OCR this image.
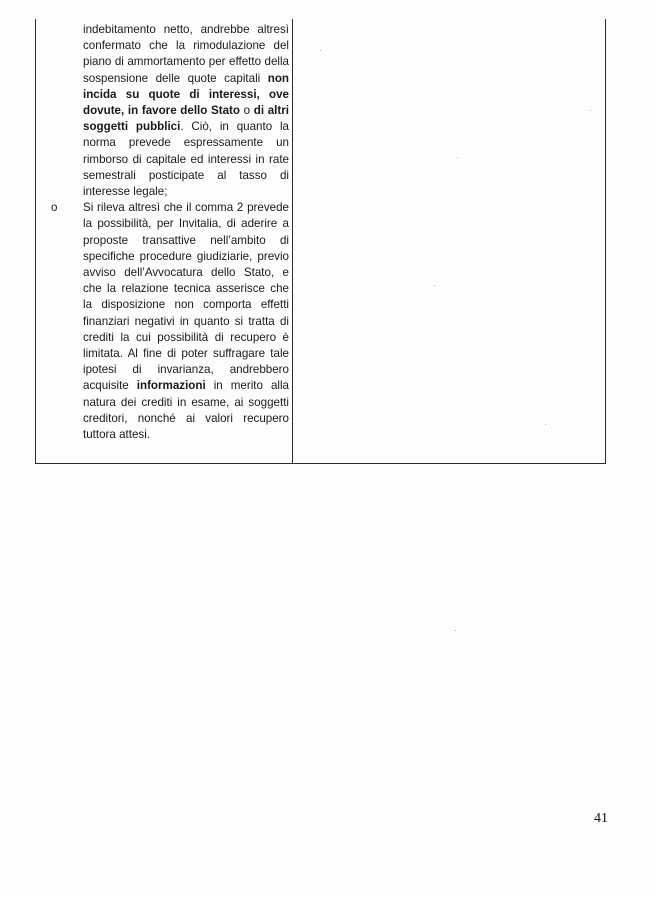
indebitamento netto, andrebbe altresì confermato che la rimodulazione del piano di ammortamento per effetto della sospensione delle quote capitali non incida su quote di interessi, ove dovute, in favore dello Stato o di altri soggetti pubblici. Ciò, in quanto la norma prevede espressamente un rimborso di capitale ed interessi in rate semestrali posticipate al tasso di interesse legale;

o Si rileva altresì che il comma 2 prevede la possibilità, per Invitalia, di aderire a proposte transattive nell’ambito di specifiche procedure giudiziarie, previo avviso dell’Avvocatura dello Stato, e che la relazione tecnica asserisce che la disposizione non comporta effetti finanziari negativi in quanto si tratta di crediti la cui possibilità di recupero è limitata. Al fine di poter suffragare tale ipotesi di invarianza, andrebbero acquisite informazioni in merito alla natura dei crediti in esame, ai soggetti creditori, nonché ai valori recupero tuttora attesi.

41
